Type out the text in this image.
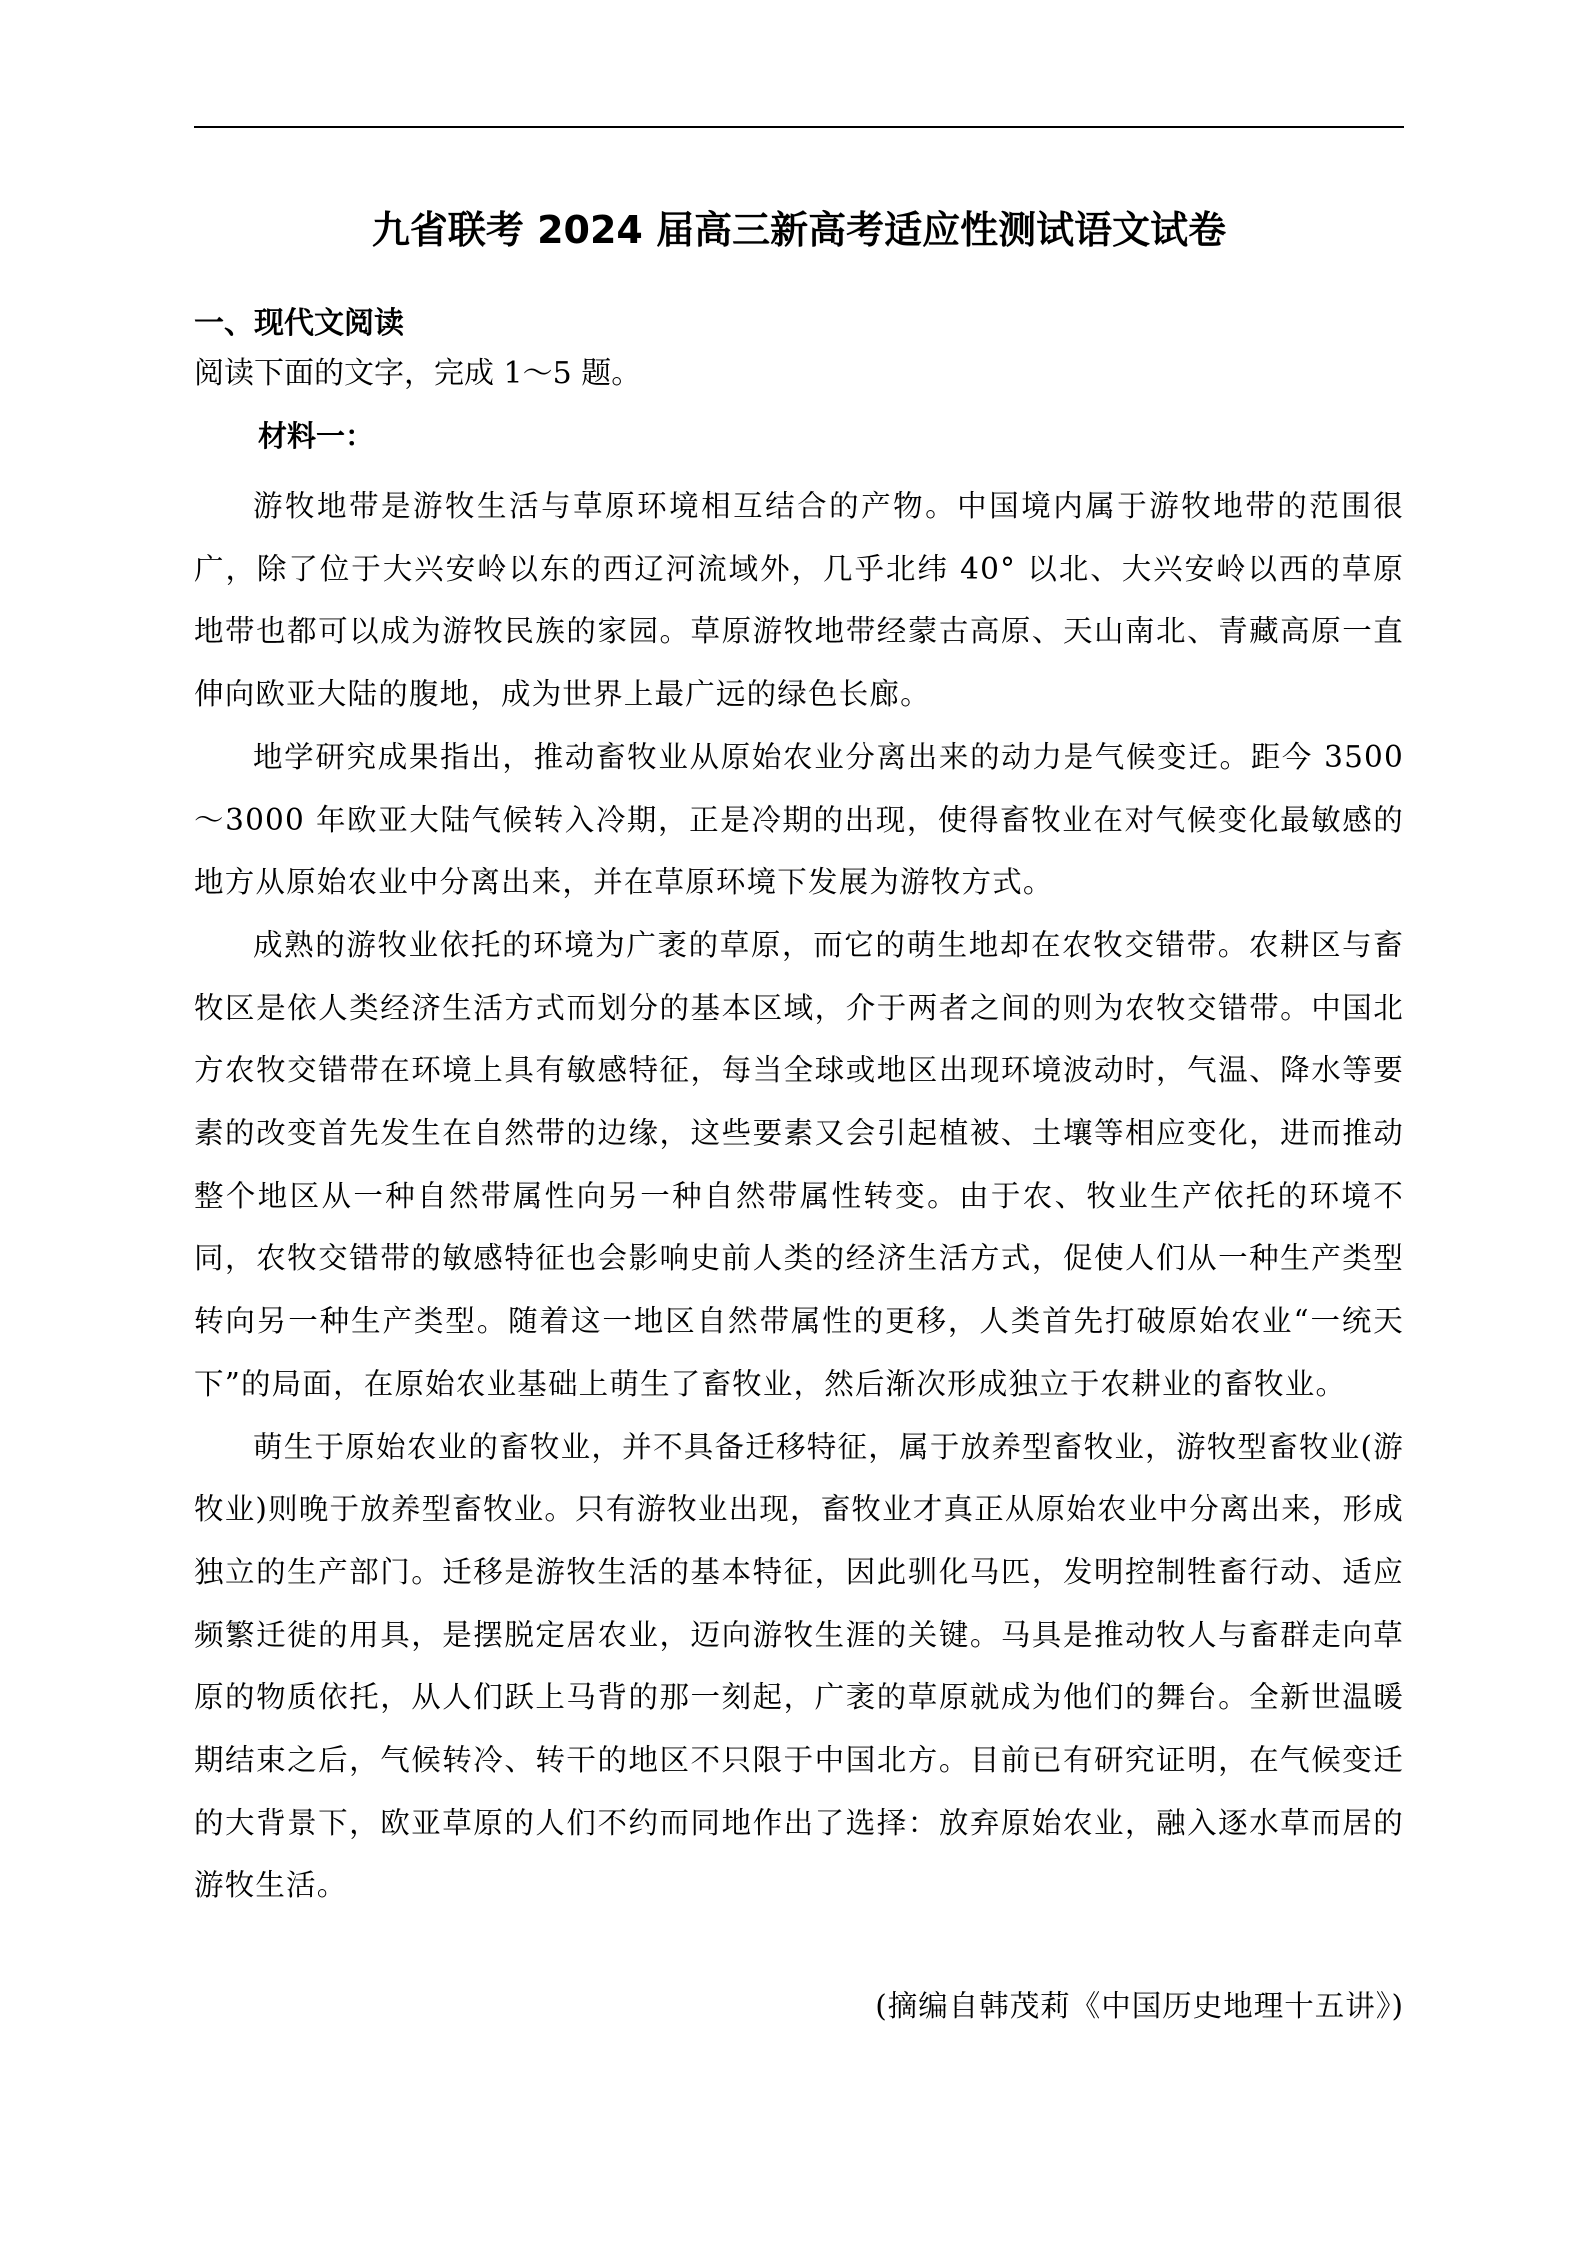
九省联考 2024 届高三新高考适应性测试语文试卷
一、现代文阅读

阅读下面的文字，完成 1～5 题。

材料一：

游牧地带是游牧生活与草原环境相互结合的产物。中国境内属于游牧地带的范围很广，除了位于大兴安岭以东的西辽河流域外，几乎北纬 40° 以北、大兴安岭以西的草原地带也都可以成为游牧民族的家园。草原游牧地带经蒙古高原、天山南北、青藏高原一直伸向欧亚大陆的腹地，成为世界上最广远的绿色长廊。

地学研究成果指出，推动畜牧业从原始农业分离出来的动力是气候变迁。距今 3500～3000 年欧亚大陆气候转入冷期，正是冷期的出现，使得畜牧业在对气候变化最敏感的地方从原始农业中分离出来，并在草原环境下发展为游牧方式。

成熟的游牧业依托的环境为广袤的草原，而它的萌生地却在农牧交错带。农耕区与畜牧区是依人类经济生活方式而划分的基本区域，介于两者之间的则为农牧交错带。中国北方农牧交错带在环境上具有敏感特征，每当全球或地区出现环境波动时，气温、降水等要素的改变首先发生在自然带的边缘，这些要素又会引起植被、土壤等相应变化，进而推动整个地区从一种自然带属性向另一种自然带属性转变。由于农、牧业生产依托的环境不同，农牧交错带的敏感特征也会影响史前人类的经济生活方式，促使人们从一种生产类型转向另一种生产类型。随着这一地区自然带属性的更移，人类首先打破原始农业“一统天下”的局面，在原始农业基础上萌生了畜牧业，然后渐次形成独立于农耕业的畜牧业。

萌生于原始农业的畜牧业，并不具备迁移特征，属于放养型畜牧业，游牧型畜牧业(游牧业)则晚于放养型畜牧业。只有游牧业出现，畜牧业才真正从原始农业中分离出来，形成独立的生产部门。迁移是游牧生活的基本特征，因此驯化马匹，发明控制牲畜行动、适应频繁迁徙的用具，是摆脱定居农业，迈向游牧生涯的关键。马具是推动牧人与畜群走向草原的物质依托，从人们跃上马背的那一刻起，广袤的草原就成为他们的舞台。全新世温暖期结束之后，气候转冷、转干的地区不只限于中国北方。目前已有研究证明，在气候变迁的大背景下，欧亚草原的人们不约而同地作出了选择：放弃原始农业，融入逐水草而居的游牧生活。

(摘编自韩茂莉《中国历史地理十五讲》)
